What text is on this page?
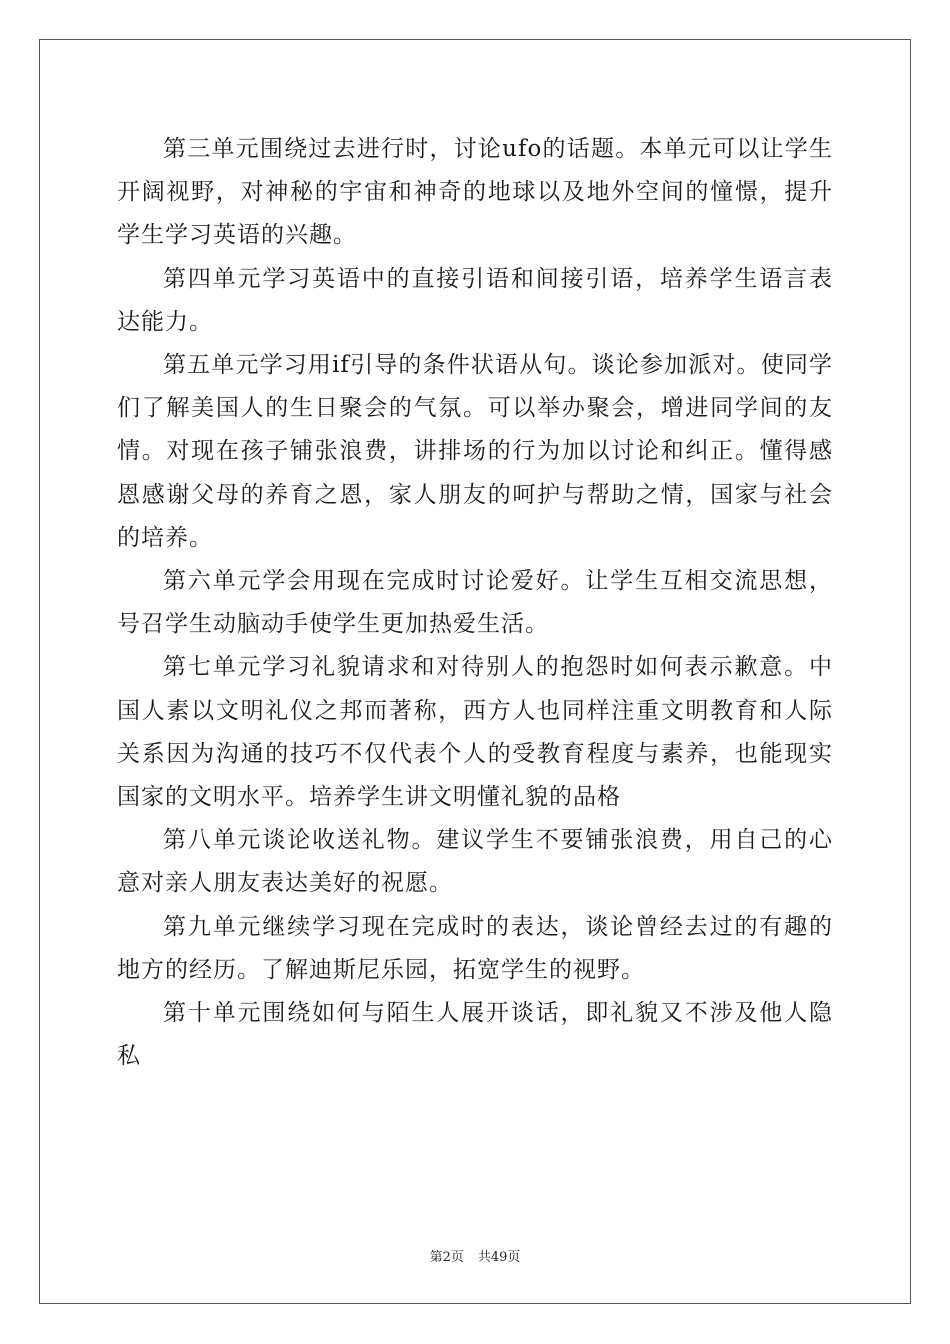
第三单元围绕过去进行时，讨论ufo的话题。本单元可以让学生开阔视野，对神秘的宇宙和神奇的地球以及地外空间的憧憬，提升学生学习英语的兴趣。

第四单元学习英语中的直接引语和间接引语，培养学生语言表达能力。

第五单元学习用if引导的条件状语从句。谈论参加派对。使同学们了解美国人的生日聚会的气氛。可以举办聚会，增进同学间的友情。对现在孩子铺张浪费，讲排场的行为加以讨论和纠正。懂得感恩感谢父母的养育之恩，家人朋友的呵护与帮助之情，国家与社会的培养。

第六单元学会用现在完成时讨论爱好。让学生互相交流思想，号召学生动脑动手使学生更加热爱生活。

第七单元学习礼貌请求和对待别人的抱怨时如何表示歉意。中国人素以文明礼仪之邦而著称，西方人也同样注重文明教育和人际关系因为沟通的技巧不仅代表个人的受教育程度与素养，也能现实国家的文明水平。培养学生讲文明懂礼貌的品格

第八单元谈论收送礼物。建议学生不要铺张浪费，用自己的心意对亲人朋友表达美好的祝愿。

第九单元继续学习现在完成时的表达，谈论曾经去过的有趣的地方的经历。了解迪斯尼乐园，拓宽学生的视野。

第十单元围绕如何与陌生人展开谈话，即礼貌又不涉及他人隐私

第2页 共49页
